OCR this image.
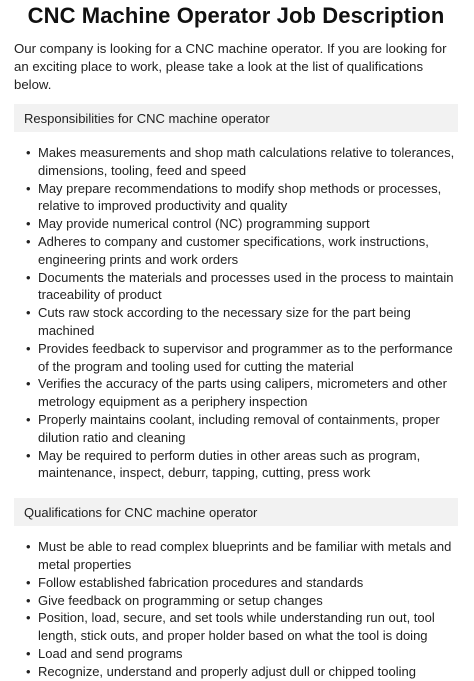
CNC Machine Operator Job Description

Our company is looking for a CNC machine operator. If you are looking for an exciting place to work, please take a look at the list of qualifications below.

Responsibilities for CNC machine operator
• Makes measurements and shop math calculations relative to tolerances, dimensions, tooling, feed and speed
• May prepare recommendations to modify shop methods or processes, relative to improved productivity and quality
• May provide numerical control (NC) programming support
• Adheres to company and customer specifications, work instructions, engineering prints and work orders
• Documents the materials and processes used in the process to maintain traceability of product
• Cuts raw stock according to the necessary size for the part being machined
• Provides feedback to supervisor and programmer as to the performance of the program and tooling used for cutting the material
• Verifies the accuracy of the parts using calipers, micrometers and other metrology equipment as a periphery inspection
• Properly maintains coolant, including removal of containments, proper dilution ratio and cleaning
• May be required to perform duties in other areas such as program, maintenance, inspect, deburr, tapping, cutting, press work
Qualifications for CNC machine operator
• Must be able to read complex blueprints and be familiar with metals and metal properties
• Follow established fabrication procedures and standards
• Give feedback on programming or setup changes
• Position, load, secure, and set tools while understanding run out, tool length, stick outs, and proper holder based on what the tool is doing
• Load and send programs
• Recognize, understand and properly adjust dull or chipped tooling
